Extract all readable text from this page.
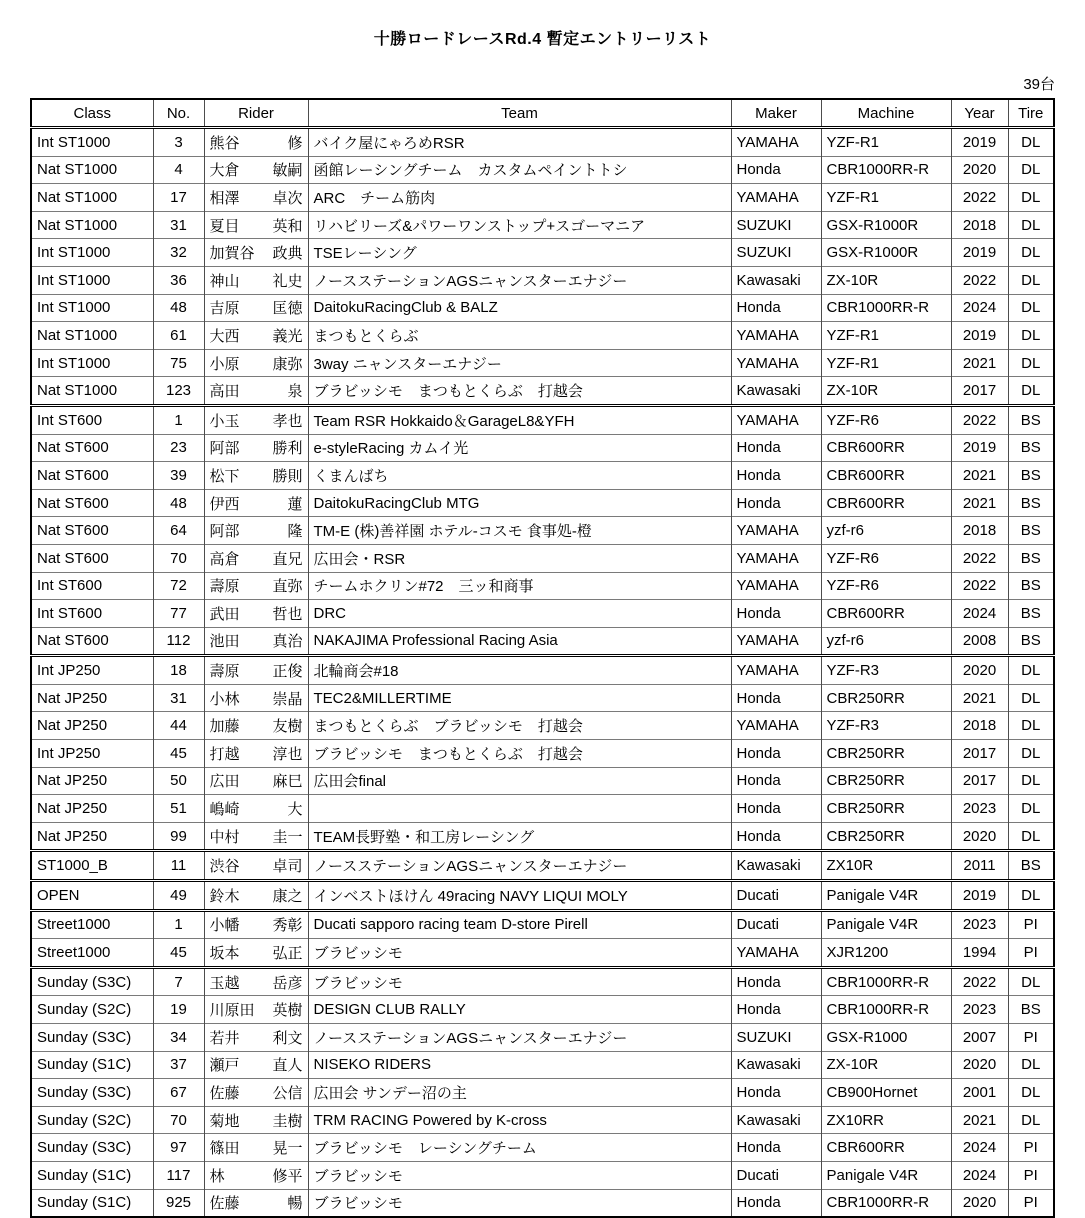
十勝ロードレースRd.4 暫定エントリーリスト
39台
Class	No.	Rider	Team	Maker	Machine	Year	Tire
Int ST1000	3	熊谷 修	バイク屋にゃろめRSR	YAMAHA	YZF-R1	2019	DL
Nat ST1000	4	大倉 敏嗣	函館レーシングチーム　カスタムペイントトシ	Honda	CBR1000RR-R	2020	DL
Nat ST1000	17	相澤 卓次	ARC　チーム筋肉	YAMAHA	YZF-R1	2022	DL
Nat ST1000	31	夏目 英和	リハビリーズ&パワーワンストップ+スゴーマニア	SUZUKI	GSX-R1000R	2018	DL
Int ST1000	32	加賀谷 政典	TSEレーシング	SUZUKI	GSX-R1000R	2019	DL
Int ST1000	36	神山 礼史	ノースステーションAGSニャンスターエナジー	Kawasaki	ZX-10R	2022	DL
Int ST1000	48	吉原 匡徳	DaitokuRacingClub & BALZ	Honda	CBR1000RR-R	2024	DL
Nat ST1000	61	大西 義光	まつもとくらぶ	YAMAHA	YZF-R1	2019	DL
Int ST1000	75	小原 康弥	3way ニャンスターエナジー	YAMAHA	YZF-R1	2021	DL
Nat ST1000	123	高田 泉	ブラビッシモ　まつもとくらぶ　打越会	Kawasaki	ZX-10R	2017	DL
Int ST600	1	小玉 孝也	Team RSR Hokkaido＆GarageL8&YFH	YAMAHA	YZF-R6	2022	BS
Nat ST600	23	阿部 勝利	e-styleRacing カムイ光	Honda	CBR600RR	2019	BS
Nat ST600	39	松下 勝則	くまんばち	Honda	CBR600RR	2021	BS
Nat ST600	48	伊西 蓮	DaitokuRacingClub MTG	Honda	CBR600RR	2021	BS
Nat ST600	64	阿部 隆	TM-E (株)善祥園 ホテル-コスモ 食事処-橙	YAMAHA	yzf-r6	2018	BS
Nat ST600	70	高倉 直兄	広田会・RSR	YAMAHA	YZF-R6	2022	BS
Int ST600	72	壽原 直弥	チームホクリン#72　三ッ和商事	YAMAHA	YZF-R6	2022	BS
Int ST600	77	武田 哲也	DRC	Honda	CBR600RR	2024	BS
Nat ST600	112	池田 真治	NAKAJIMA Professional Racing Asia	YAMAHA	yzf-r6	2008	BS
Int JP250	18	壽原 正俊	北輪商会#18	YAMAHA	YZF-R3	2020	DL
Nat JP250	31	小林 崇晶	TEC2&MILLERTIME	Honda	CBR250RR	2021	DL
Nat JP250	44	加藤 友樹	まつもとくらぶ　ブラビッシモ　打越会	YAMAHA	YZF-R3	2018	DL
Int JP250	45	打越 淳也	ブラビッシモ　まつもとくらぶ　打越会	Honda	CBR250RR	2017	DL
Nat JP250	50	広田 麻巳	広田会final	Honda	CBR250RR	2017	DL
Nat JP250	51	嶋崎 大		Honda	CBR250RR	2023	DL
Nat JP250	99	中村 圭一	TEAM長野塾・和工房レーシング	Honda	CBR250RR	2020	DL
ST1000_B	11	渋谷 卓司	ノースステーションAGSニャンスターエナジー	Kawasaki	ZX10R	2011	BS
OPEN	49	鈴木 康之	インベストほけん 49racing NAVY LIQUI MOLY	Ducati	Panigale V4R	2019	DL
Street1000	1	小幡 秀彰	Ducati sapporo racing team D-store Pirell	Ducati	Panigale V4R	2023	PI
Street1000	45	坂本 弘正	ブラビッシモ	YAMAHA	XJR1200	1994	PI
Sunday (S3C)	7	玉越 岳彦	ブラビッシモ	Honda	CBR1000RR-R	2022	DL
Sunday (S2C)	19	川原田 英樹	DESIGN CLUB RALLY	Honda	CBR1000RR-R	2023	BS
Sunday (S3C)	34	若井 利文	ノースステーションAGSニャンスターエナジー	SUZUKI	GSX-R1000	2007	PI
Sunday (S1C)	37	瀬戸 直人	NISEKO RIDERS	Kawasaki	ZX-10R	2020	DL
Sunday (S3C)	67	佐藤 公信	広田会 サンデー沼の主	Honda	CB900Hornet	2001	DL
Sunday (S2C)	70	菊地 圭樹	TRM RACING Powered by K-cross	Kawasaki	ZX10RR	2021	DL
Sunday (S3C)	97	篠田 晃一	ブラビッシモ　レーシングチーム	Honda	CBR600RR	2024	PI
Sunday (S1C)	117	林 修平	ブラビッシモ	Ducati	Panigale V4R	2024	PI
Sunday (S1C)	925	佐藤 暢	ブラビッシモ	Honda	CBR1000RR-R	2020	PI
